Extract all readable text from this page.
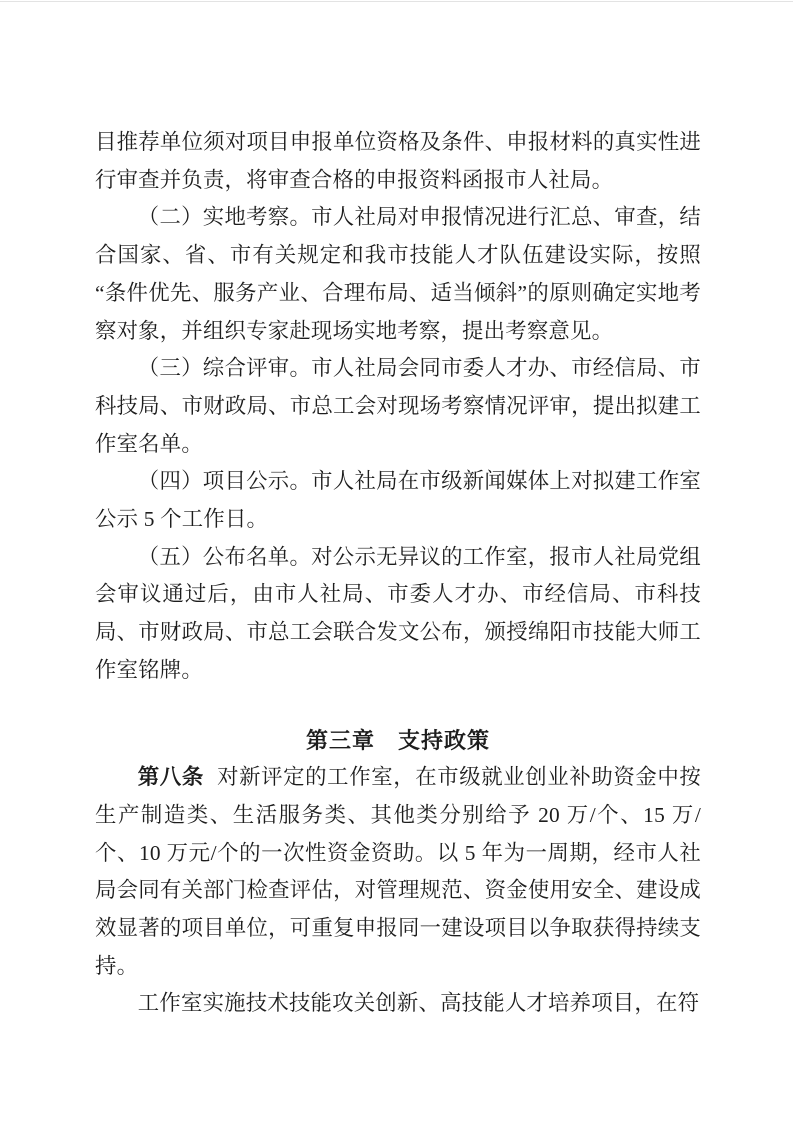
目推荐单位须对项目申报单位资格及条件、申报材料的真实性进行审查并负责，将审查合格的申报资料函报市人社局。

（二）实地考察。市人社局对申报情况进行汇总、审查，结合国家、省、市有关规定和我市技能人才队伍建设实际，按照“条件优先、服务产业、合理布局、适当倾斜”的原则确定实地考察对象，并组织专家赴现场实地考察，提出考察意见。

（三）综合评审。市人社局会同市委人才办、市经信局、市科技局、市财政局、市总工会对现场考察情况评审，提出拟建工作室名单。

（四）项目公示。市人社局在市级新闻媒体上对拟建工作室公示 5 个工作日。

（五）公布名单。对公示无异议的工作室，报市人社局党组会审议通过后，由市人社局、市委人才办、市经信局、市科技局、市财政局、市总工会联合发文公布，颁授绵阳市技能大师工作室铭牌。

第三章　支持政策

第八条 对新评定的工作室，在市级就业创业补助资金中按生产制造类、生活服务类、其他类分别给予 20 万/个、15 万/个、10 万元/个的一次性资金资助。以 5 年为一周期，经市人社局会同有关部门检查评估，对管理规范、资金使用安全、建设成效显著的项目单位，可重复申报同一建设项目以争取获得持续支持。

工作室实施技术技能攻关创新、高技能人才培养项目，在符
